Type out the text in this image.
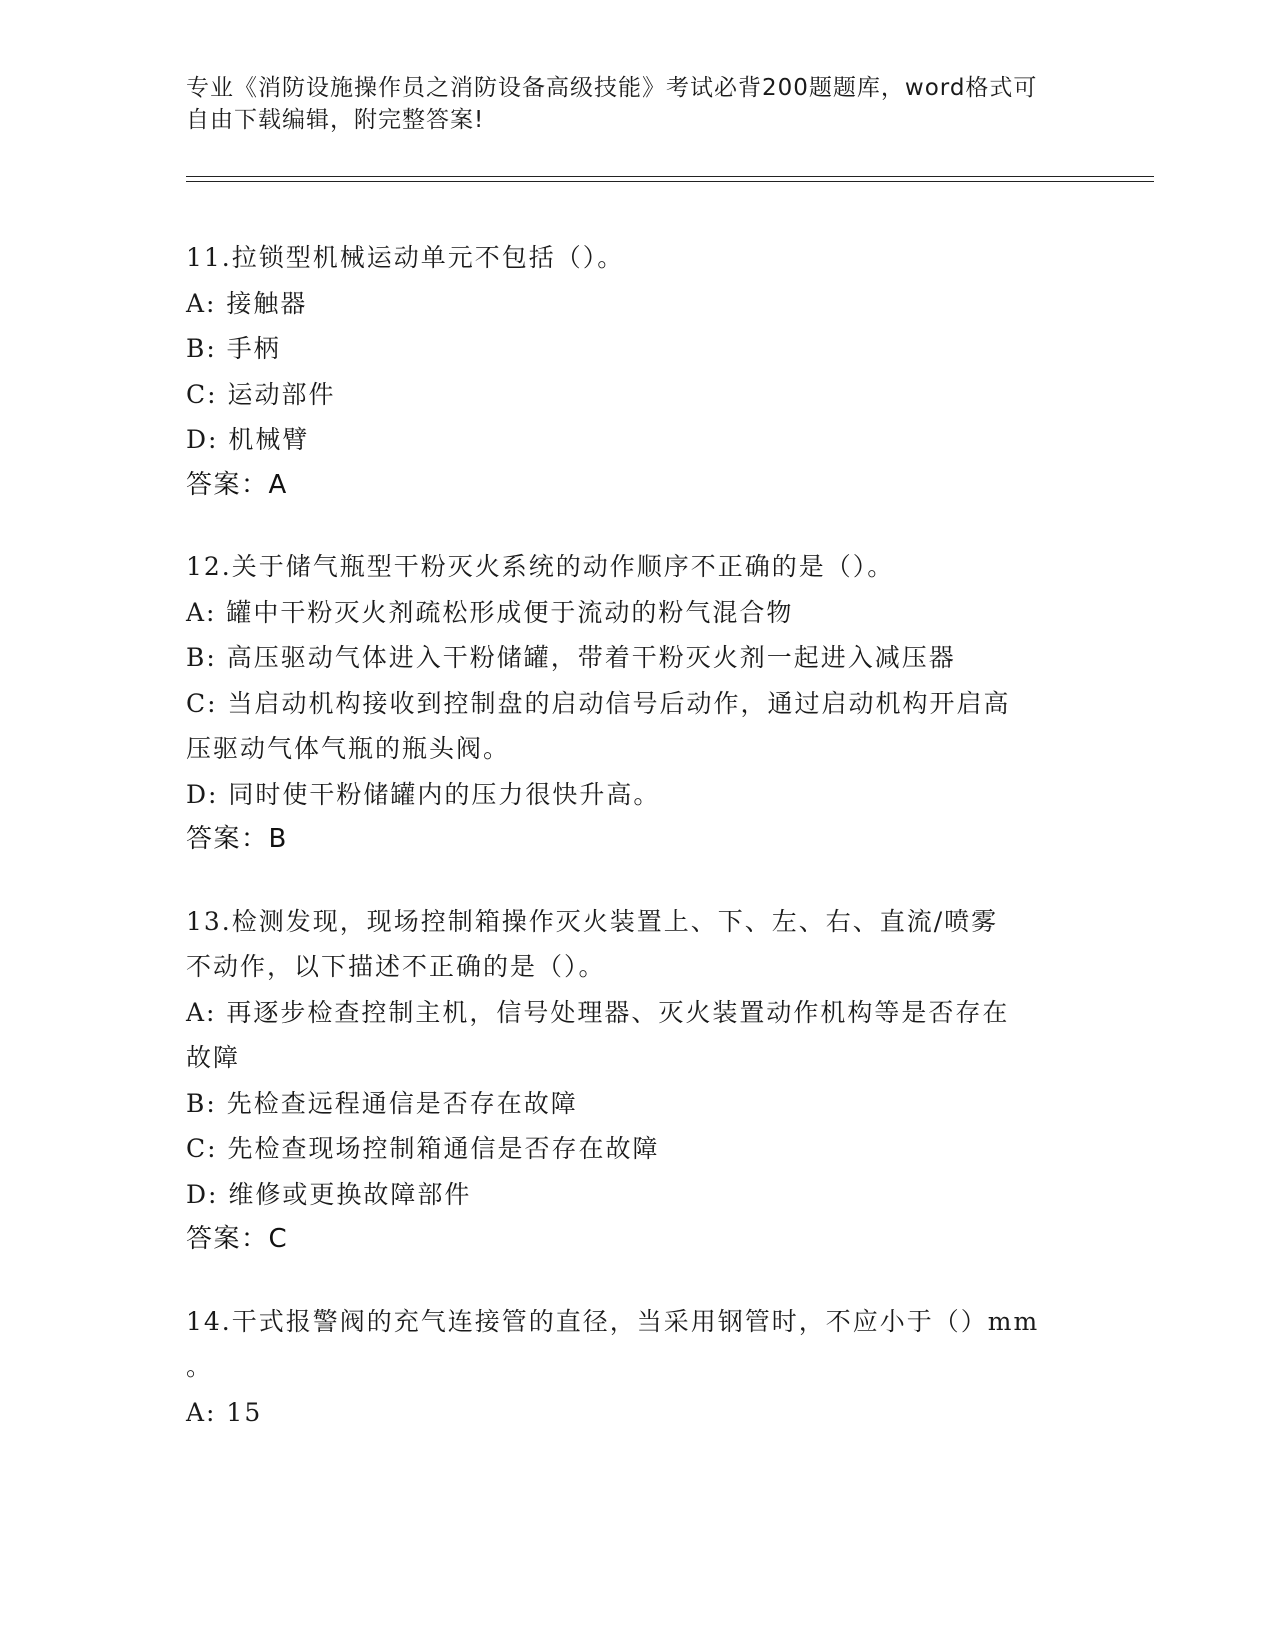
专业《消防设施操作员之消防设备高级技能》考试必背200题题库，word格式可
自由下载编辑，附完整答案!

11.拉锁型机械运动单元不包括（）。

A: 接触器

B: 手柄

C: 运动部件

D: 机械臂

答案：A

12.关于储气瓶型干粉灭火系统的动作顺序不正确的是（）。

A: 罐中干粉灭火剂疏松形成便于流动的粉气混合物

B: 高压驱动气体进入干粉储罐，带着干粉灭火剂一起进入减压器

C: 当启动机构接收到控制盘的启动信号后动作，通过启动机构开启高

压驱动气体气瓶的瓶头阀。

D: 同时使干粉储罐内的压力很快升高。

答案：B

13.检测发现，现场控制箱操作灭火装置上、下、左、右、直流/喷雾

不动作，以下描述不正确的是（）。

A: 再逐步检查控制主机，信号处理器、灭火装置动作机构等是否存在

故障

B: 先检查远程通信是否存在故障

C: 先检查现场控制箱通信是否存在故障

D: 维修或更换故障部件

答案：C

14.干式报警阀的充气连接管的直径，当采用钢管时，不应小于（）mm

。

A: 15
